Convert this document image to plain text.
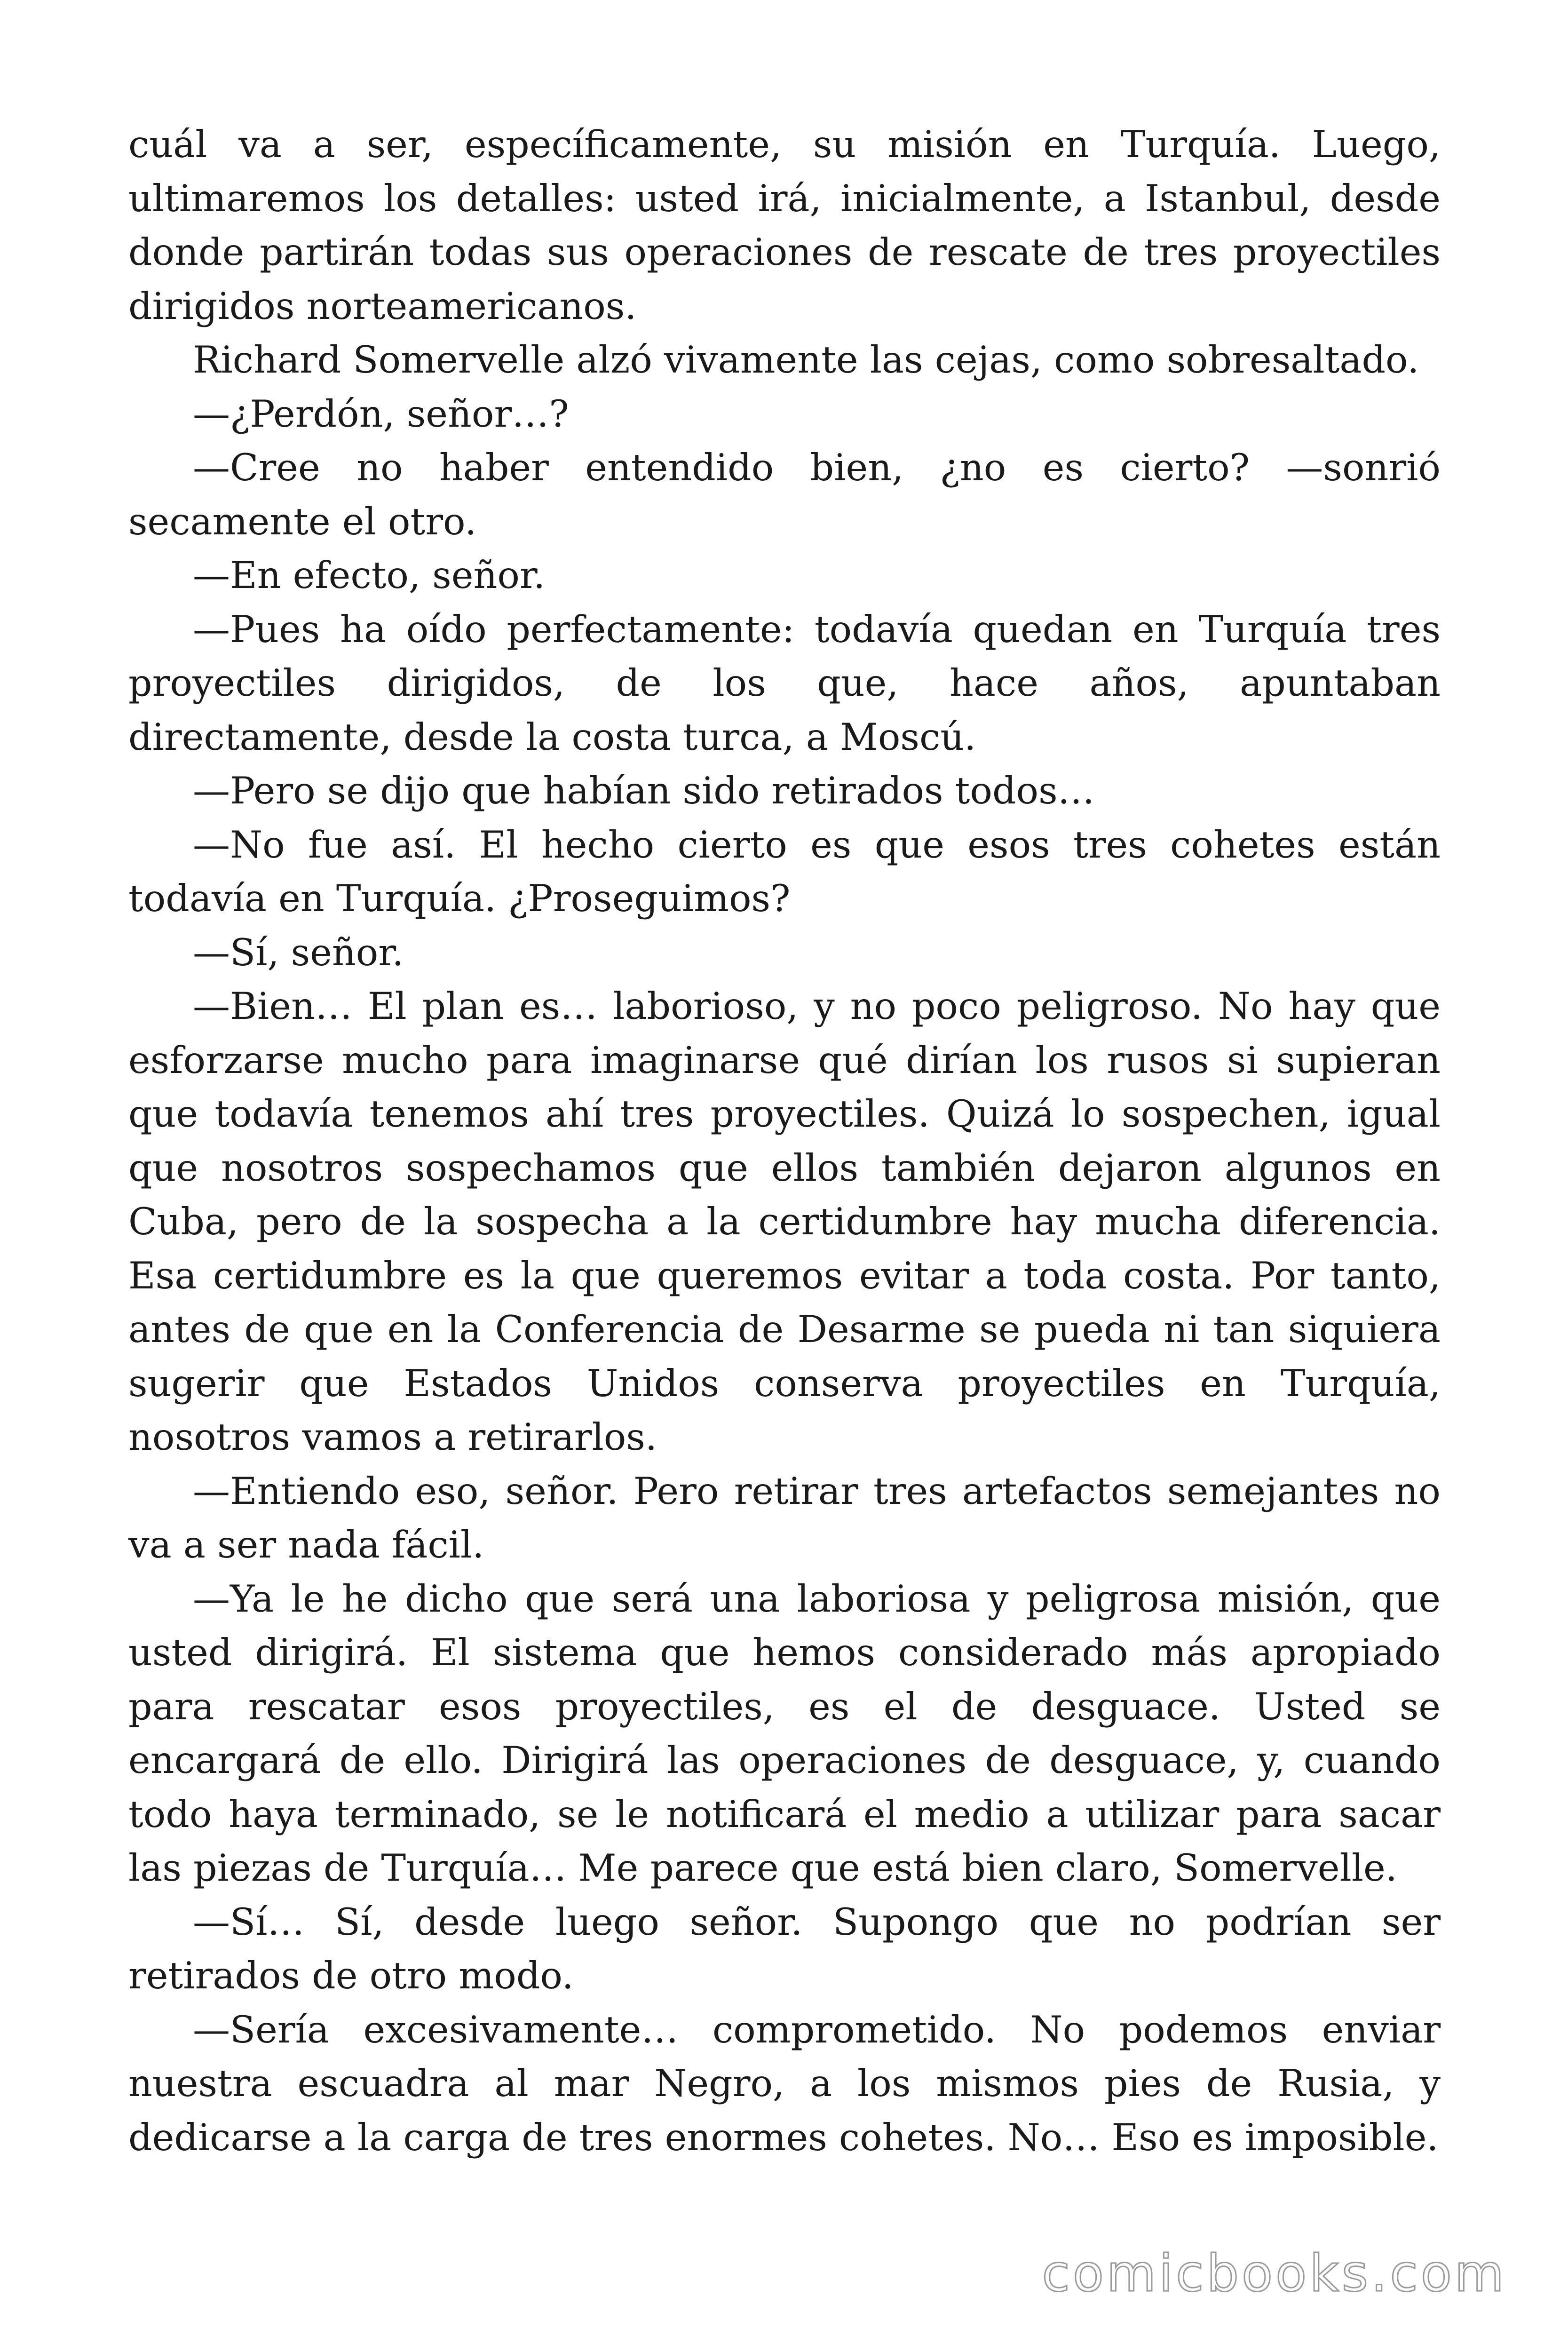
cuál va a ser, específicamente, su misión en Turquía. Luego, ultimaremos los detalles: usted irá, inicialmente, a Istanbul, desde donde partirán todas sus operaciones de rescate de tres proyectiles dirigidos norteamericanos.

Richard Somervelle alzó vivamente las cejas, como sobresaltado.

—¿Perdón, señor…?

—Cree no haber entendido bien, ¿no es cierto? —sonrió secamente el otro.

—En efecto, señor.

—Pues ha oído perfectamente: todavía quedan en Turquía tres proyectiles dirigidos, de los que, hace años, apuntaban directamente, desde la costa turca, a Moscú.

—Pero se dijo que habían sido retirados todos…

—No fue así. El hecho cierto es que esos tres cohetes están todavía en Turquía. ¿Proseguimos?

—Sí, señor.

—Bien… El plan es… laborioso, y no poco peligroso. No hay que esforzarse mucho para imaginarse qué dirían los rusos si supieran que todavía tenemos ahí tres proyectiles. Quizá lo sospechen, igual que nosotros sospechamos que ellos también dejaron algunos en Cuba, pero de la sospecha a la certidumbre hay mucha diferencia. Esa certidumbre es la que queremos evitar a toda costa. Por tanto, antes de que en la Conferencia de Desarme se pueda ni tan siquiera sugerir que Estados Unidos conserva proyectiles en Turquía, nosotros vamos a retirarlos.

—Entiendo eso, señor. Pero retirar tres artefactos semejantes no va a ser nada fácil.

—Ya le he dicho que será una laboriosa y peligrosa misión, que usted dirigirá. El sistema que hemos considerado más apropiado para rescatar esos proyectiles, es el de desguace. Usted se encargará de ello. Dirigirá las operaciones de desguace, y, cuando todo haya terminado, se le notificará el medio a utilizar para sacar las piezas de Turquía… Me parece que está bien claro, Somervelle.

—Sí… Sí, desde luego señor. Supongo que no podrían ser retirados de otro modo.

—Sería excesivamente… comprometido. No podemos enviar nuestra escuadra al mar Negro, a los mismos pies de Rusia, y dedicarse a la carga de tres enormes cohetes. No… Eso es imposible.

comicbooks.com
